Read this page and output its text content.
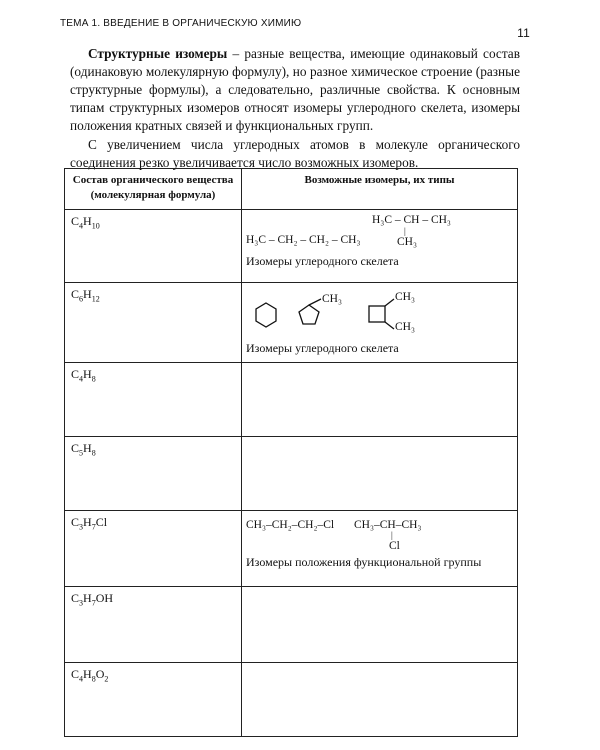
ТЕМА 1. ВВЕДЕНИЕ В ОРГАНИЧЕСКУЮ ХИМИЮ
11
Структурные изомеры – разные вещества, имеющие одинаковый состав (одинаковую молекулярную формулу), но разное химическое строение (разные структурные формулы), а следовательно, различные свойства. К основным типам структурных изомеров относят изомеры углеродного скелета, изомеры положения кратных связей и функциональных групп.
С увеличением числа углеродных атомов в молекуле органического соединения резко увеличивается число возможных изомеров.
Состав органического вещества (молекулярная формула)	Возможные изомеры, их типы
$C_4H_{10}$	H₃C – CH – CH₃
|
CH₃
H₃C – CH₂ – CH₂ – CH₃
Изомеры углеродного скелета

$C_6H_{12}$	CH₃ CH₃
CH₃
Изомеры углеродного скелета

$C_4H_8$	
$C_5H_8$	
$C_3H_7Cl$	CH₃–CH₂–CH₂–Cl CH₃–CH–CH₃
|
Cl
Изомеры положения функциональной группы

$C_3H_7OH$	
$C_4H_8O_2$	
